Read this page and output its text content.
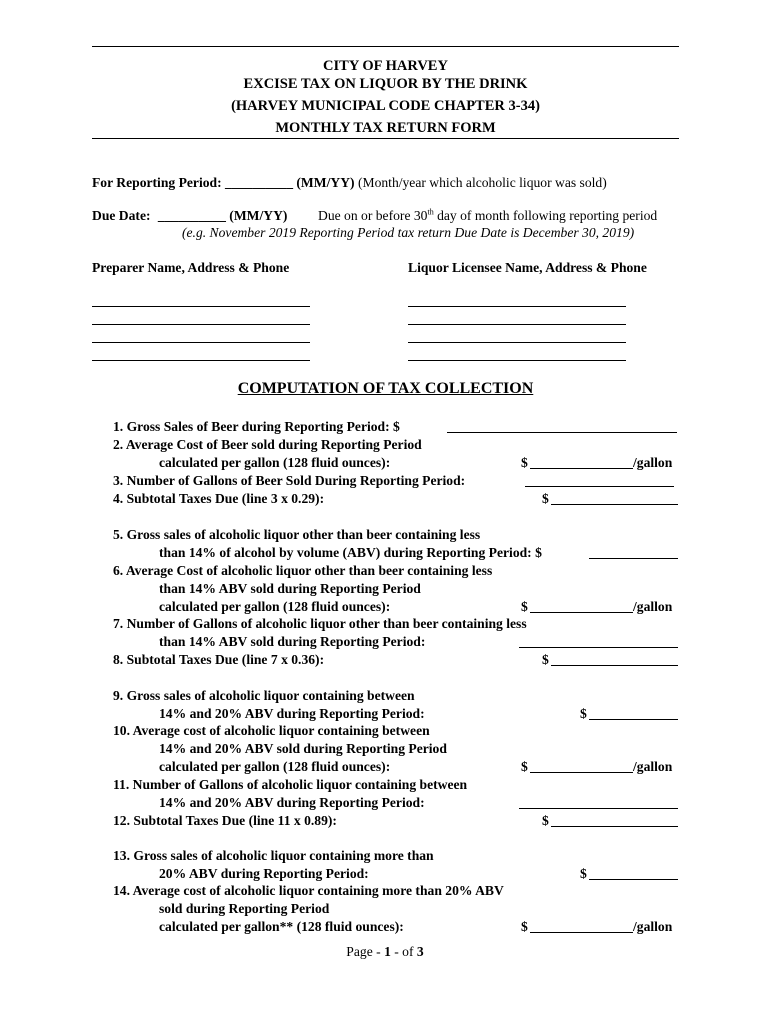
CITY OF HARVEY
EXCISE TAX ON LIQUOR BY THE DRINK
(HARVEY MUNICIPAL CODE CHAPTER 3-34)
MONTHLY TAX RETURN FORM
For Reporting Period: __________ (MM/YY) (Month/year which alcoholic liquor was sold)
Due Date: __________ (MM/YY) Due on or before 30th day of month following reporting period
(e.g. November 2019 Reporting Period tax return Due Date is December 30, 2019)
Preparer Name, Address & Phone	Liquor Licensee Name, Address & Phone
COMPUTATION OF TAX COLLECTION
1. Gross Sales of Beer during Reporting Period: $
2. Average Cost of Beer sold during Reporting Period
calculated per gallon (128 fluid ounces):	$	/gallon
3. Number of Gallons of Beer Sold During Reporting Period:
4. Subtotal Taxes Due (line 3 x 0.29):	$
5. Gross sales of alcoholic liquor other than beer containing less
than 14% of alcohol by volume (ABV) during Reporting Period: $
6. Average Cost of alcoholic liquor other than beer containing less
than 14% ABV sold during Reporting Period
calculated per gallon (128 fluid ounces):	$	/gallon
7. Number of Gallons of alcoholic liquor other than beer containing less
than 14% ABV sold during Reporting Period:
8. Subtotal Taxes Due (line 7 x 0.36):	$
9. Gross sales of alcoholic liquor containing between
14% and 20% ABV during Reporting Period:	$
10. Average cost of alcoholic liquor containing between
14% and 20% ABV sold during Reporting Period
calculated per gallon (128 fluid ounces):	$	/gallon
11. Number of Gallons of alcoholic liquor containing between
14% and 20% ABV during Reporting Period:
12. Subtotal Taxes Due (line 11 x 0.89):	$
13. Gross sales of alcoholic liquor containing more than
20% ABV during Reporting Period:	$
14. Average cost of alcoholic liquor containing more than 20% ABV
sold during Reporting Period
calculated per gallon** (128 fluid ounces):	$	/gallon
Page - 1 - of 3
